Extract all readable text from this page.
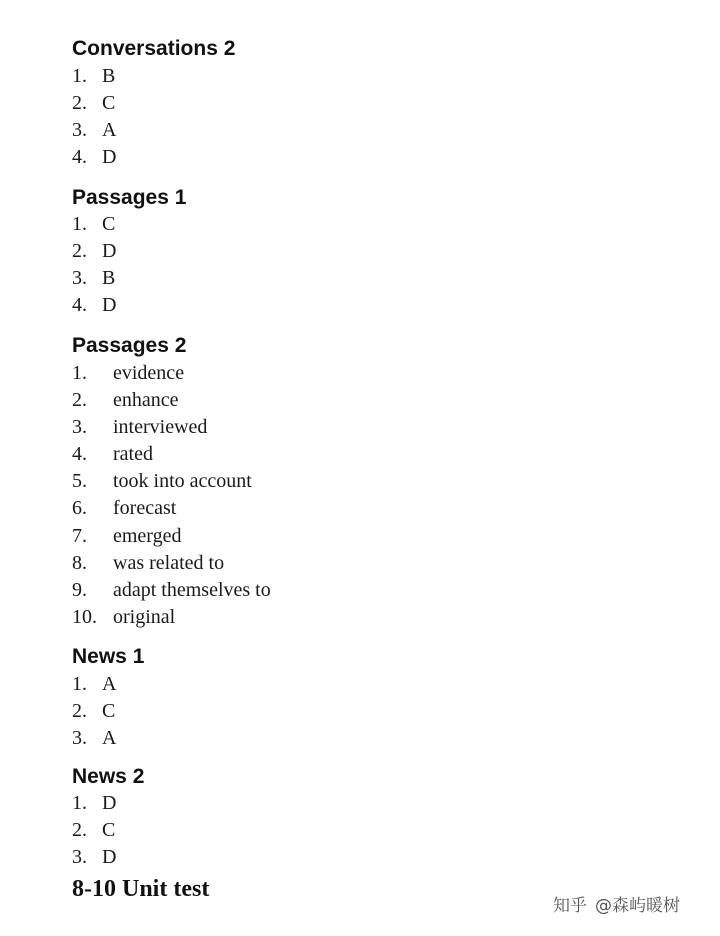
Conversations 2
1. B
2. C
3. A
4. D
Passages 1
1. C
2. D
3. B
4. D
Passages 2
1. evidence
2. enhance
3. interviewed
4. rated
5. took into account
6. forecast
7. emerged
8. was related to
9. adapt themselves to
10. original
News 1
1. A
2. C
3. A
News 2
1. D
2. C
3. D
8-10 Unit test
知乎 @森屿暖树
